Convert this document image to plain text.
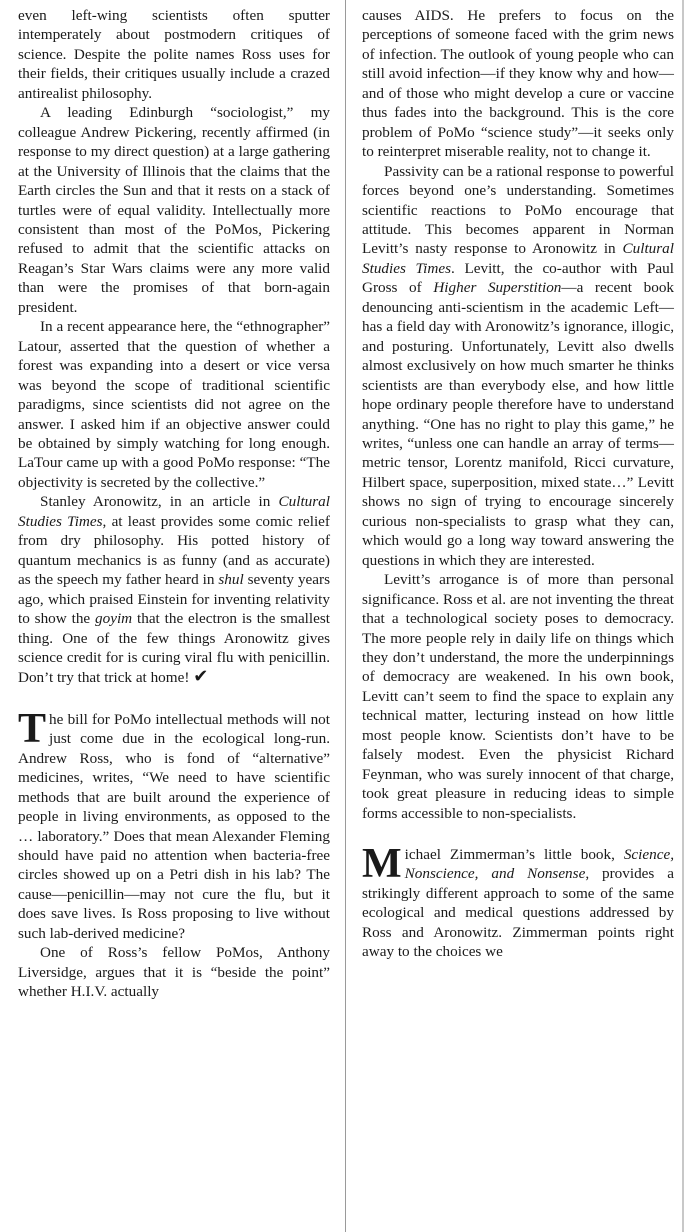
even left-wing scientists often sputter intemperately about postmodern critiques of science. Despite the polite names Ross uses for their fields, their critiques usually include a crazed antirealist philosophy.

A leading Edinburgh “sociologist,” my colleague Andrew Pickering, recently affirmed (in response to my direct question) at a large gathering at the University of Illinois that the claims that the Earth circles the Sun and that it rests on a stack of turtles were of equal validity. Intellectually more consistent than most of the PoMos, Pickering refused to admit that the scientific attacks on Reagan’s Star Wars claims were any more valid than were the promises of that born-again president.

In a recent appearance here, the “ethnographer” Latour, asserted that the question of whether a forest was expanding into a desert or vice versa was beyond the scope of traditional scientific paradigms, since scientists did not agree on the answer. I asked him if an objective answer could be obtained by simply watching for long enough. LaTour came up with a good PoMo response: “The objectivity is secreted by the collective.”

Stanley Aronowitz, in an article in Cultural Studies Times, at least provides some comic relief from dry philosophy. His potted history of quantum mechanics is as funny (and as accurate) as the speech my father heard in shul seventy years ago, which praised Einstein for inventing relativity to show the goyim that the electron is the smallest thing. One of the few things Aronowitz gives science credit for is curing viral flu with penicillin. Don’t try that trick at home! ✔

The bill for PoMo intellectual methods will not just come due in the ecological long-run. Andrew Ross, who is fond of “alternative” medicines, writes, “We need to have scientific methods that are built around the experience of people in living environments, as opposed to the … laboratory.” Does that mean Alexander Fleming should have paid no attention when bacteria-free circles showed up on a Petri dish in his lab? The cause—penicillin—may not cure the flu, but it does save lives. Is Ross proposing to live without such lab-derived medicine?

One of Ross’s fellow PoMos, Anthony Liversidge, argues that it is “beside the point” whether H.I.V. actually

causes AIDS. He prefers to focus on the perceptions of someone faced with the grim news of infection. The outlook of young people who can still avoid infection—if they know why and how—and of those who might develop a cure or vaccine thus fades into the background. This is the core problem of PoMo “science study”—it seeks only to reinterpret miserable reality, not to change it.

Passivity can be a rational response to powerful forces beyond one’s understanding. Sometimes scientific reactions to PoMo encourage that attitude. This becomes apparent in Norman Levitt’s nasty response to Aronowitz in Cultural Studies Times. Levitt, the co-author with Paul Gross of Higher Superstition—a recent book denouncing anti-scientism in the academic Left—has a field day with Aronowitz’s ignorance, illogic, and posturing. Unfortunately, Levitt also dwells almost exclusively on how much smarter he thinks scientists are than everybody else, and how little hope ordinary people therefore have to understand anything. “One has no right to play this game,” he writes, “unless one can handle an array of terms—metric tensor, Lorentz manifold, Ricci curvature, Hilbert space, superposition, mixed state…” Levitt shows no sign of trying to encourage sincerely curious non-specialists to grasp what they can, which would go a long way toward answering the questions in which they are interested.

Levitt’s arrogance is of more than personal significance. Ross et al. are not inventing the threat that a technological society poses to democracy. The more people rely in daily life on things which they don’t understand, the more the underpinnings of democracy are weakened. In his own book, Levitt can’t seem to find the space to explain any technical matter, lecturing instead on how little most people know. Scientists don’t have to be falsely modest. Even the physicist Richard Feynman, who was surely innocent of that charge, took great pleasure in reducing ideas to simple forms accessible to non-specialists.

Michael Zimmerman’s little book, Science, Nonscience, and Nonsense, provides a strikingly different approach to some of the same ecological and medical questions addressed by Ross and Aronowitz. Zimmerman points right away to the choices we
